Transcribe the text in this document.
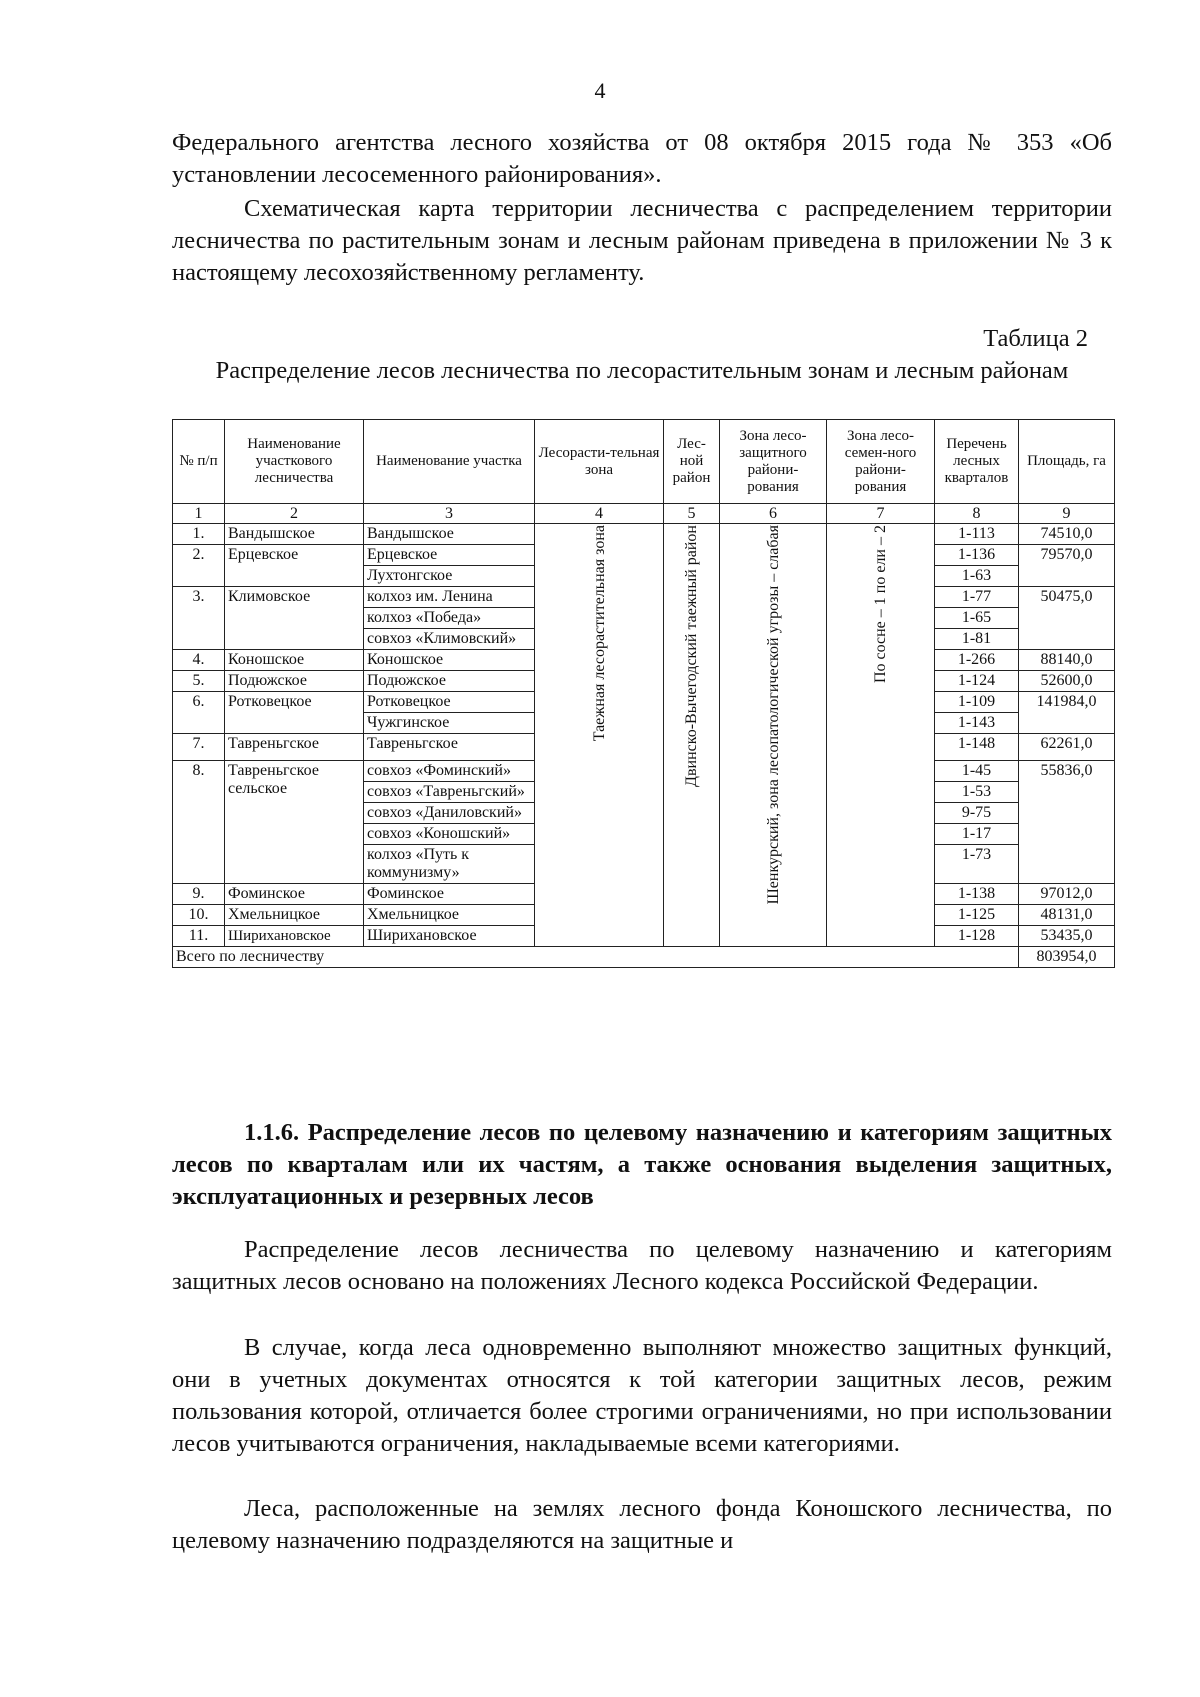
4

Федерального агентства лесного хозяйства от 08 октября 2015 года № 353 «Об установлении лесосеменного районирования».

Схематическая карта территории лесничества с распределением территории лесничества по растительным зонам и лесным районам приведена в приложении № 3 к настоящему лесохозяйственному регламенту.

Таблица 2
Распределение лесов лесничества по лесорастительным зонам и лесным районам
№ п/п	Наименование участкового лесничества	Наименование участка	Лесорасти-тельная зона	Лес-ной район	Зона лесо-защитного райони-рования	Зона лесо-семен-ного райони-рования	Перечень лесных кварталов	Площадь, га
1	2	3	4	5	6	7	8	9
1.	Вандышское	Вандышское	Таежная лесорастительная зона	Двинско-Вычегодский таежный район	Шенкурский, зона лесопатологической угрозы – слабая	По сосне – 1 по ели – 2	1-113	74510,0
2.	Ерцевское	Ерцевское					1-136	79570,0
		Лухтонгское					1-63	
3.	Климовское	колхоз им. Ленина					1-77	50475,0
		колхоз «Победа»					1-65	
		совхоз «Климовский»					1-81	
4.	Коношское	Коношское					1-266	88140,0
5.	Подюжское	Подюжское					1-124	52600,0
6.	Ротковецкое	Ротковецкое					1-109	141984,0
		Чужгинское					1-143	
7.	Тавреньгское	Тавреньгское					1-148	62261,0
8.	Тавреньгское сельское	совхоз «Фоминский»					1-45	55836,0
		совхоз «Тавреньгский»					1-53	
		совхоз «Даниловский»					9-75	
		совхоз «Коношский»					1-17	
		колхоз «Путь к коммунизму»					1-73	
9.	Фоминское	Фоминское					1-138	97012,0
10.	Хмельницкое	Хмельницкое					1-125	48131,0
11.	Ширихановское	Ширихановское					1-128	53435,0
Всего по лесничеству								803954,0

1.1.6. Распределение лесов по целевому назначению и категориям защитных лесов по кварталам или их частям, а также основания выделения защитных, эксплуатационных и резервных лесов

Распределение лесов лесничества по целевому назначению и категориям защитных лесов основано на положениях Лесного кодекса Российской Федерации.

В случае, когда леса одновременно выполняют множество защитных функций, они в учетных документах относятся к той категории защитных лесов, режим пользования которой, отличается более строгими ограничениями, но при использовании лесов учитываются ограничения, накладываемые всеми категориями.

Леса, расположенные на землях лесного фонда Коношского лесничества, по целевому назначению подразделяются на защитные и
